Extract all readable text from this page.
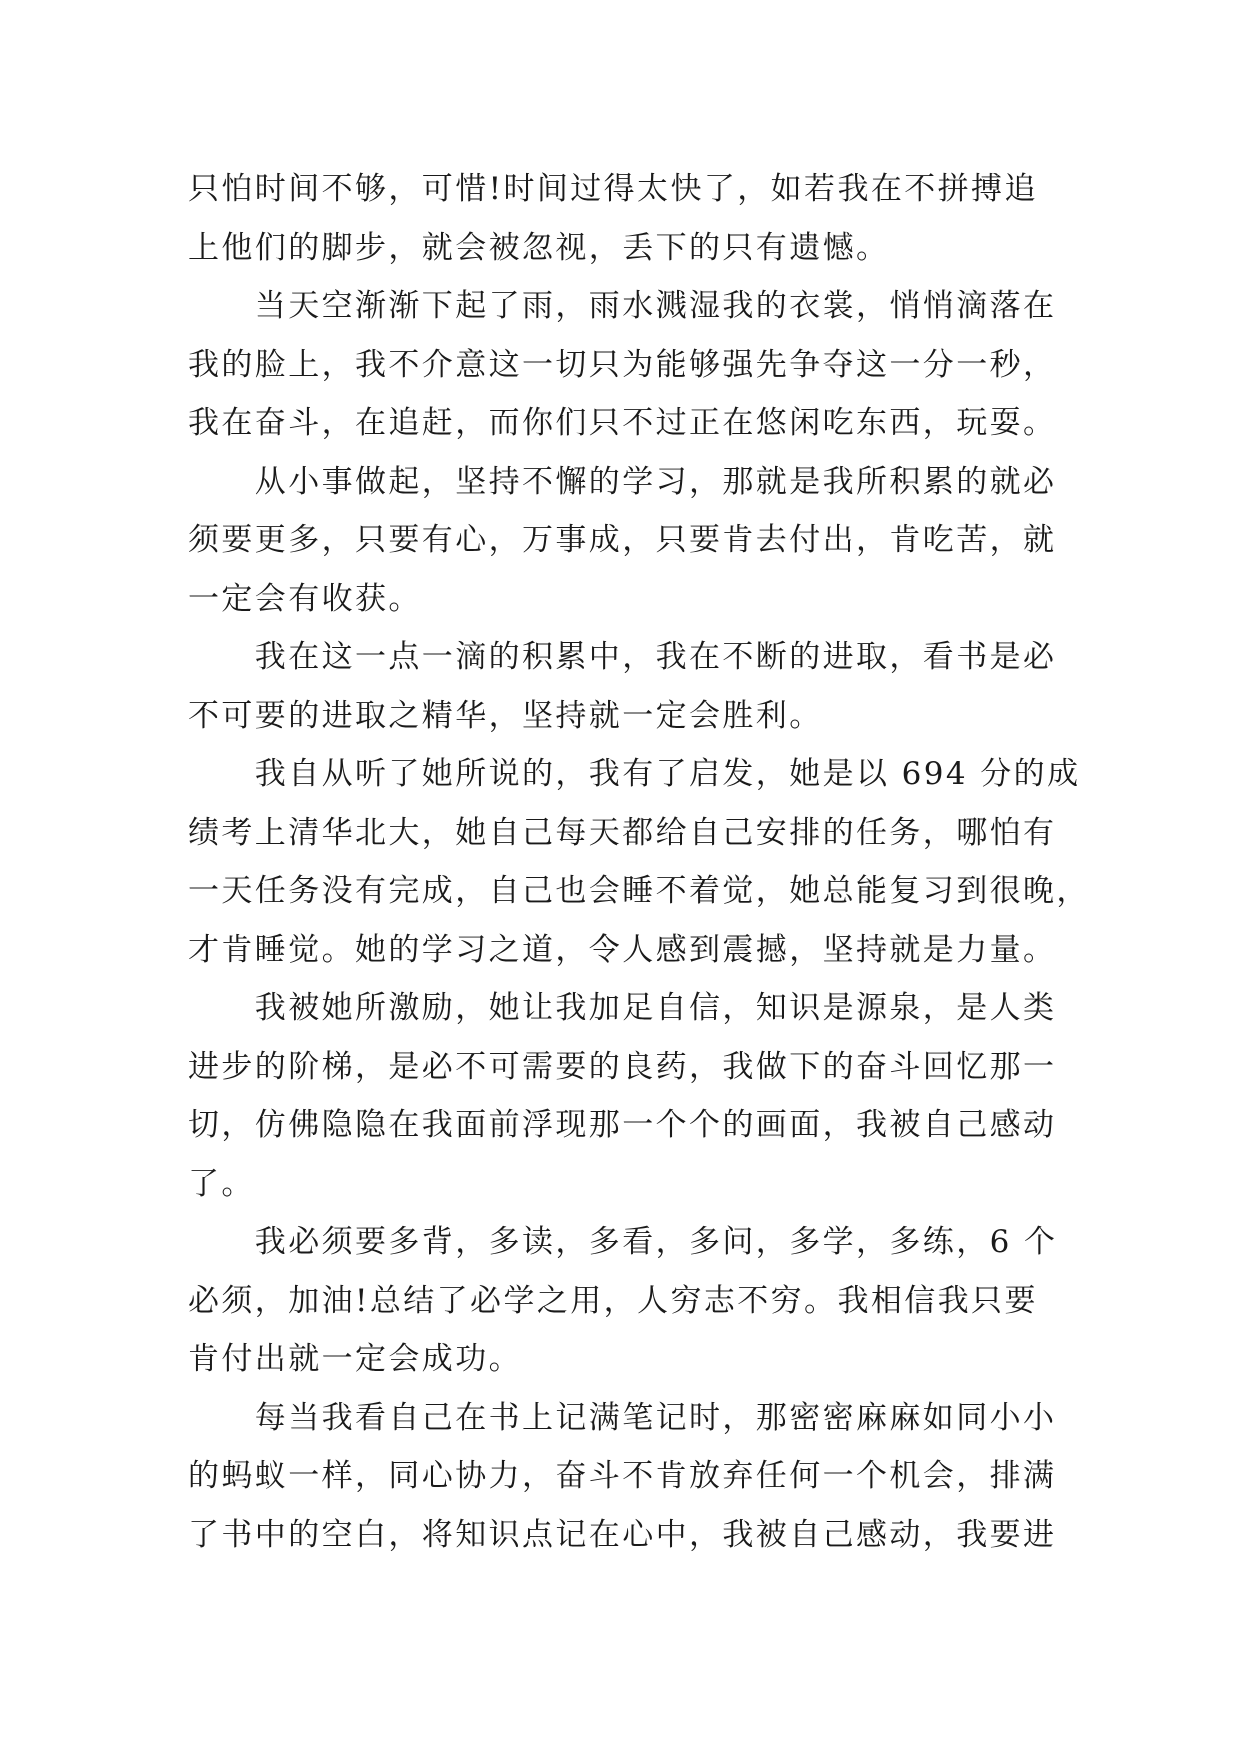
只怕时间不够，可惜!时间过得太快了，如若我在不拼搏追
上他们的脚步，就会被忽视，丢下的只有遗憾。
　　当天空渐渐下起了雨，雨水溅湿我的衣裳，悄悄滴落在
我的脸上，我不介意这一切只为能够强先争夺这一分一秒，
我在奋斗，在追赶，而你们只不过正在悠闲吃东西，玩耍。
　　从小事做起，坚持不懈的学习，那就是我所积累的就必
须要更多，只要有心，万事成，只要肯去付出，肯吃苦，就
一定会有收获。
　　我在这一点一滴的积累中，我在不断的进取，看书是必
不可要的进取之精华，坚持就一定会胜利。
　　我自从听了她所说的，我有了启发，她是以 694 分的成
绩考上清华北大，她自己每天都给自己安排的任务，哪怕有
一天任务没有完成，自己也会睡不着觉，她总能复习到很晚，
才肯睡觉。她的学习之道，令人感到震撼，坚持就是力量。
　　我被她所激励，她让我加足自信，知识是源泉，是人类
进步的阶梯，是必不可需要的良药，我做下的奋斗回忆那一
切，仿佛隐隐在我面前浮现那一个个的画面，我被自己感动
了。
　　我必须要多背，多读，多看，多问，多学，多练，6 个
必须，加油!总结了必学之用，人穷志不穷。我相信我只要
肯付出就一定会成功。
　　每当我看自己在书上记满笔记时，那密密麻麻如同小小
的蚂蚁一样，同心协力，奋斗不肯放弃任何一个机会，排满
了书中的空白，将知识点记在心中，我被自己感动，我要进
